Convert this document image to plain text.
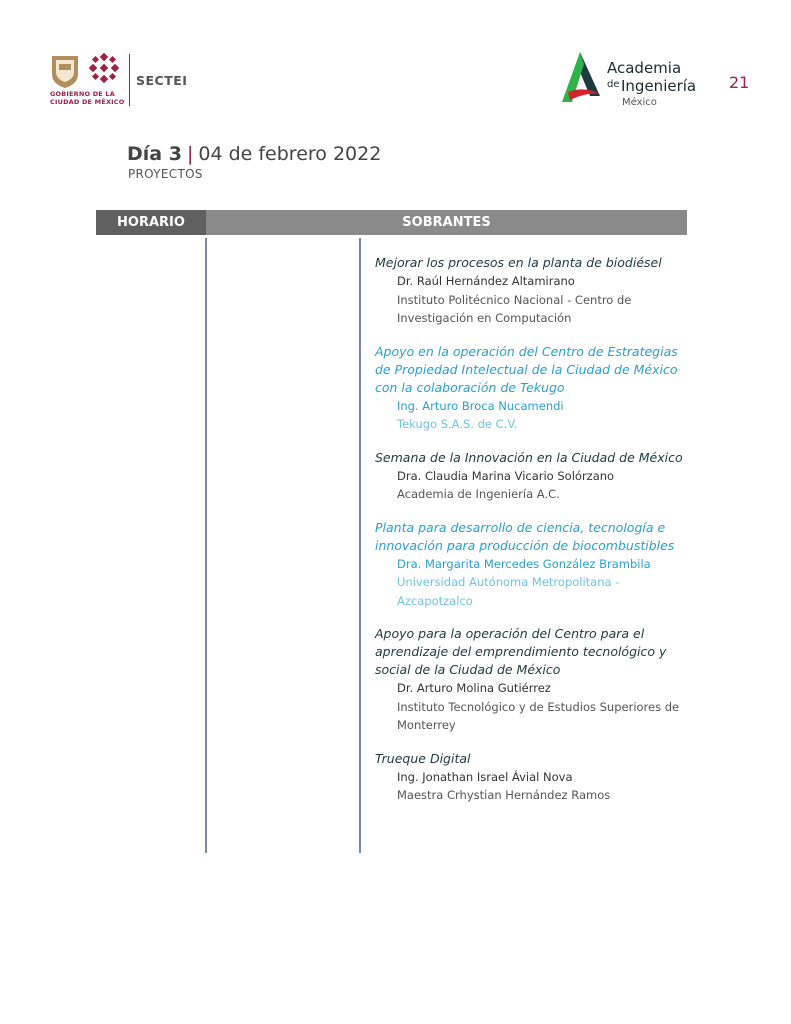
GOBIERNO DE LA
CIUDAD DE MÉXICO
SECTEI
Academia
de Ingeniería
México
21
Día 3 | 04 de febrero 2022
PROYECTOS
HORARIO	SOBRANTES
Mejorar los procesos en la planta de biodiésel
Dr. Raúl Hernández Altamirano
Instituto Politécnico Nacional - Centro de Investigación en Computación
Apoyo en la operación del Centro de Estrategias de Propiedad Intelectual de la Ciudad de México con la colaboración de Tekugo
Ing. Arturo Broca Nucamendi
Tekugo S.A.S. de C.V.
Semana de la Innovación en la Ciudad de México
Dra. Claudia Marina Vicario Solórzano
Academia de Ingeniería A.C.
Planta para desarrollo de ciencia, tecnología e innovación para producción de biocombustibles
Dra. Margarita Mercedes González Brambila
Universidad Autónoma Metropolitana - Azcapotzalco
Apoyo para la operación del Centro para el aprendizaje del emprendimiento tecnológico y social de la Ciudad de México
Dr. Arturo Molina Gutiérrez
Instituto Tecnológico y de Estudios Superiores de Monterrey
Trueque Digital
Ing. Jonathan Israel Ávial Nova
Maestra Crhystian Hernández Ramos
